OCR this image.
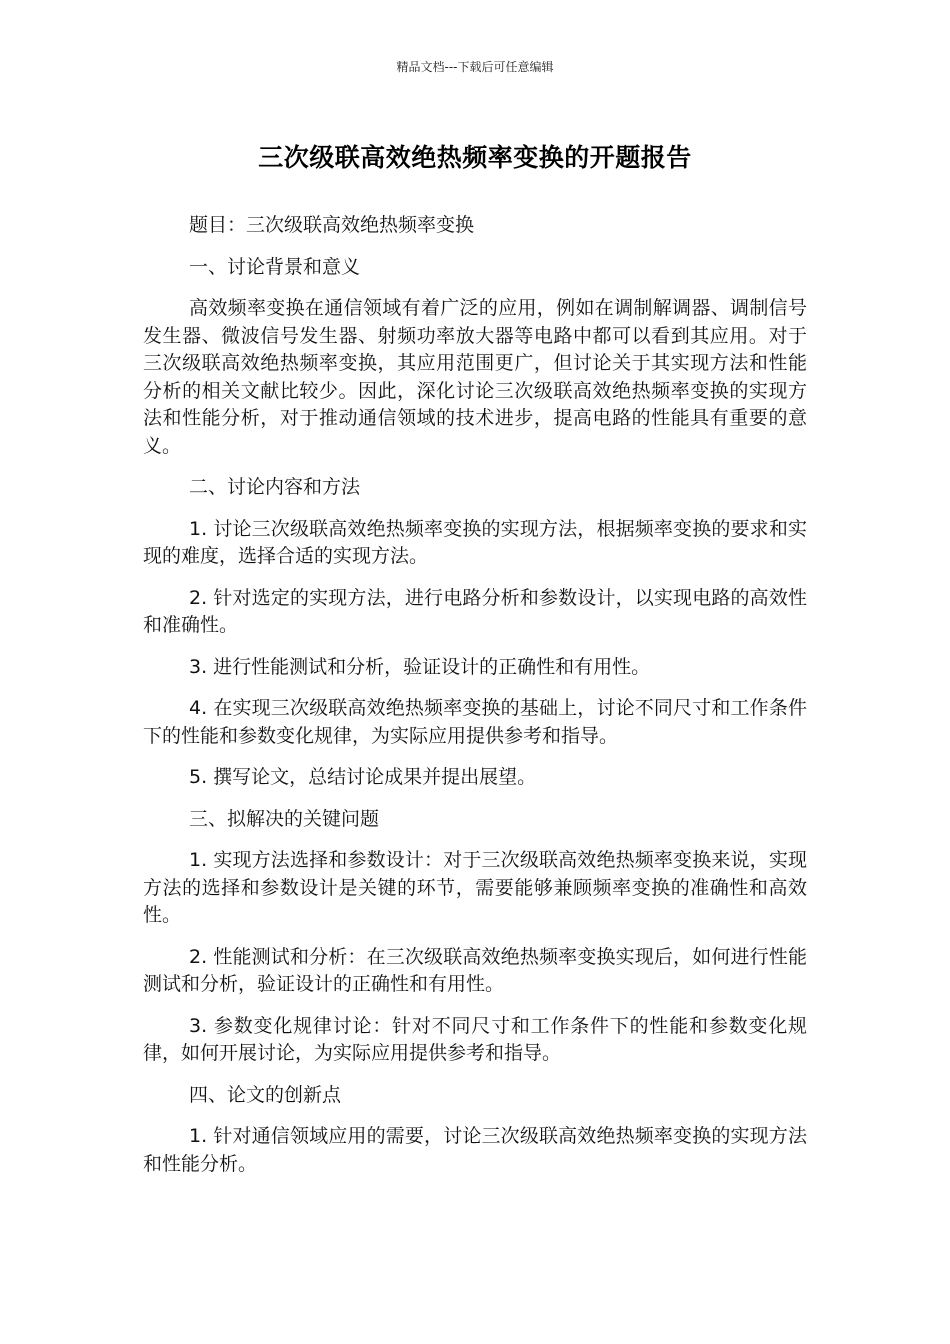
精品文档---下载后可任意编辑
三次级联高效绝热频率变换的开题报告

题目：三次级联高效绝热频率变换

一、讨论背景和意义

高效频率变换在通信领域有着广泛的应用，例如在调制解调器、调制信号发生器、微波信号发生器、射频功率放大器等电路中都可以看到其应用。对于三次级联高效绝热频率变换，其应用范围更广，但讨论关于其实现方法和性能分析的相关文献比较少。因此，深化讨论三次级联高效绝热频率变换的实现方法和性能分析，对于推动通信领域的技术进步，提高电路的性能具有重要的意义。

二、讨论内容和方法

1. 讨论三次级联高效绝热频率变换的实现方法，根据频率变换的要求和实现的难度，选择合适的实现方法。

2. 针对选定的实现方法，进行电路分析和参数设计，以实现电路的高效性和准确性。

3. 进行性能测试和分析，验证设计的正确性和有用性。

4. 在实现三次级联高效绝热频率变换的基础上，讨论不同尺寸和工作条件下的性能和参数变化规律，为实际应用提供参考和指导。

5. 撰写论文，总结讨论成果并提出展望。

三、拟解决的关键问题

1. 实现方法选择和参数设计：对于三次级联高效绝热频率变换来说，实现方法的选择和参数设计是关键的环节，需要能够兼顾频率变换的准确性和高效性。

2. 性能测试和分析：在三次级联高效绝热频率变换实现后，如何进行性能测试和分析，验证设计的正确性和有用性。

3. 参数变化规律讨论：针对不同尺寸和工作条件下的性能和参数变化规律，如何开展讨论，为实际应用提供参考和指导。

四、论文的创新点

1. 针对通信领域应用的需要，讨论三次级联高效绝热频率变换的实现方法和性能分析。
